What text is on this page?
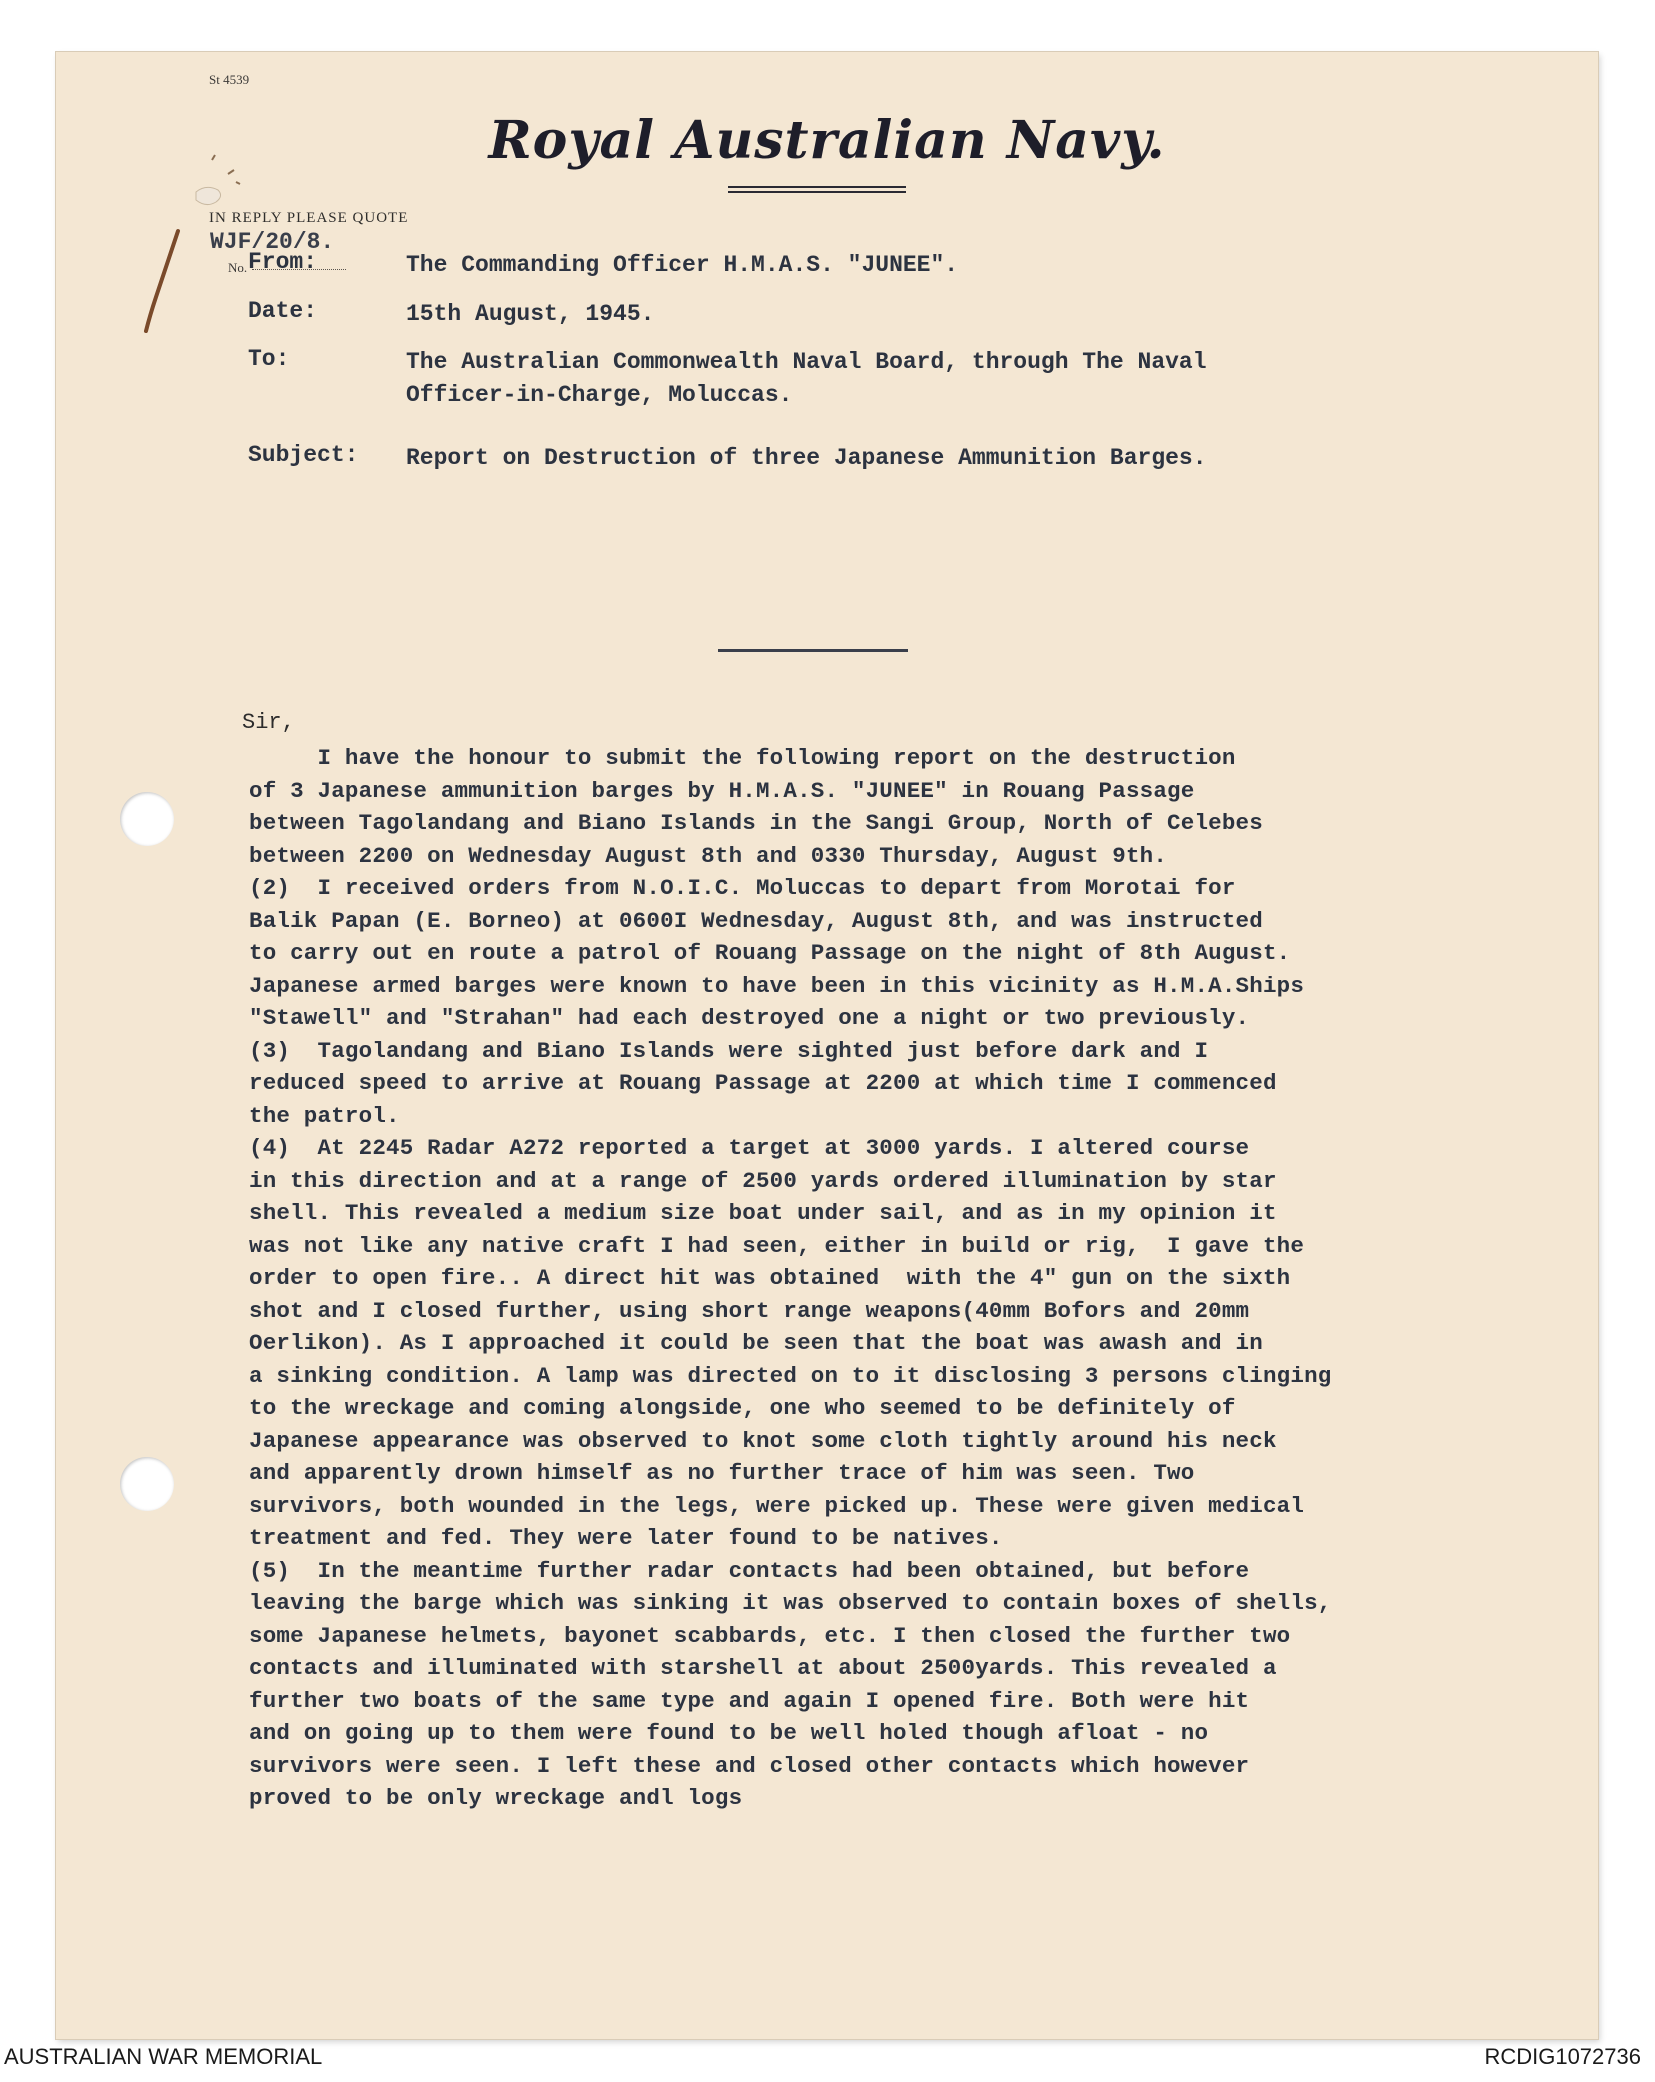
St 4539
Royal Australian Navy.
IN REPLY PLEASE QUOTE
WJF/20/8.
No. From:	The Commanding Officer H.M.A.S. "JUNEE".
Date:	15th August, 1945.
To:	The Australian Commonwealth Naval Board, through The Naval Officer-in-Charge, Moluccas.
Subject:	Report on Destruction of three Japanese Ammunition Barges.
Sir,
I have the honour to submit the following report on the destruction
of 3 Japanese ammunition barges by H.M.A.S. "JUNEE" in Rouang Passage
between Tagolandang and Biano Islands in the Sangi Group, North of Celebes
between 2200 on Wednesday August 8th and 0330 Thursday, August 9th.
(2)  I received orders from N.O.I.C. Moluccas to depart from Morotai for
Balik Papan (E. Borneo) at 0600I Wednesday, August 8th, and was instructed
to carry out en route a patrol of Rouang Passage on the night of 8th August.
Japanese armed barges were known to have been in this vicinity as H.M.A.Ships
"Stawell" and "Strahan" had each destroyed one a night or two previously.
(3)  Tagolandang and Biano Islands were sighted just before dark and I
reduced speed to arrive at Rouang Passage at 2200 at which time I commenced
the patrol.
(4)  At 2245 Radar A272 reported a target at 3000 yards. I altered course
in this direction and at a range of 2500 yards ordered illumination by star
shell. This revealed a medium size boat under sail, and as in my opinion it
was not like any native craft I had seen, either in build or rig,  I gave the
order to open fire.. A direct hit was obtained  with the 4" gun on the sixth
shot and I closed further, using short range weapons(40mm Bofors and 20mm
Oerlikon). As I approached it could be seen that the boat was awash and in
a sinking condition. A lamp was directed on to it disclosing 3 persons clinging
to the wreckage and coming alongside, one who seemed to be definitely of
Japanese appearance was observed to knot some cloth tightly around his neck
and apparently drown himself as no further trace of him was seen. Two
survivors, both wounded in the legs, were picked up. These were given medical
treatment and fed. They were later found to be natives.
(5)  In the meantime further radar contacts had been obtained, but before
leaving the barge which was sinking it was observed to contain boxes of shells,
some Japanese helmets, bayonet scabbards, etc. I then closed the further two
contacts and illuminated with starshell at about 2500yards. This revealed a
further two boats of the same type and again I opened fire. Both were hit
and on going up to them were found to be well holed though afloat - no
survivors were seen. I left these and closed other contacts which however
proved to be only wreckage andl logs
AUSTRALIAN WAR MEMORIAL	RCDIG1072736
